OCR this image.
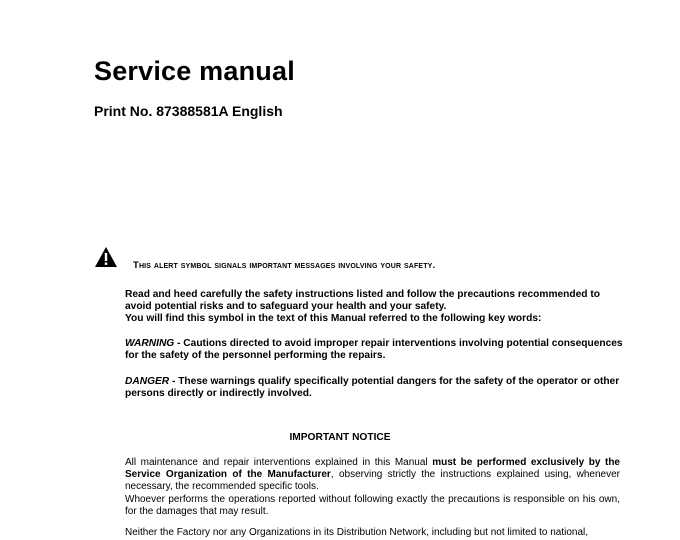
Service manual
Print No. 87388581A English
This alert symbol signals important messages involving your safety.
Read and heed carefully the safety instructions listed and follow the precautions recommended to avoid potential risks and to safeguard your health and your safety.
You will find this symbol in the text of this Manual referred to the following key words:
WARNING - Cautions directed to avoid improper repair interventions involving potential consequences for the safety of the personnel performing the repairs.
DANGER - These warnings qualify specifically potential dangers for the safety of the operator or other persons directly or indirectly involved.
IMPORTANT NOTICE
All maintenance and repair interventions explained in this Manual must be performed exclusively by the Service Organization of the Manufacturer, observing strictly the instructions explained using, whenever necessary, the recommended specific tools.
Whoever performs the operations reported without following exactly the precautions is responsible on his own, for the damages that may result.
Neither the Factory nor any Organizations in its Distribution Network, including but not limited to national,
